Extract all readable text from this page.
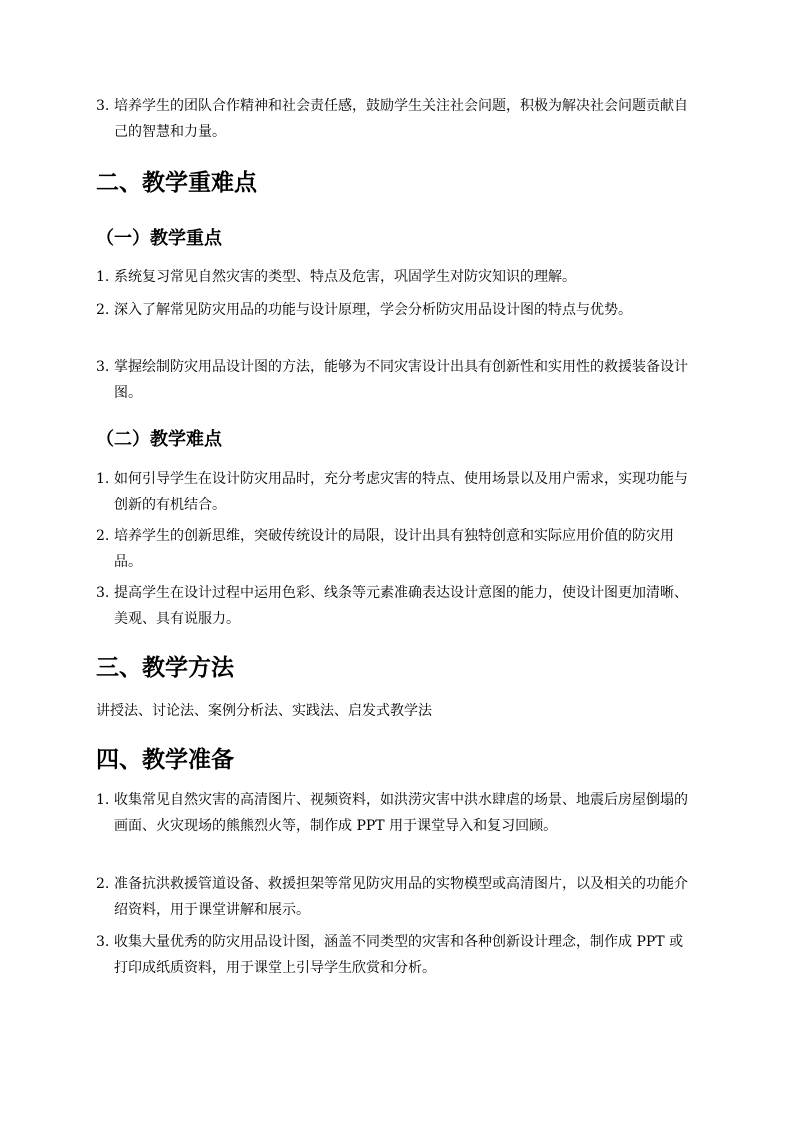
3. 培养学生的团队合作精神和社会责任感，鼓励学生关注社会问题，积极为解决社会问题贡献自己的智慧和力量。

二、教学重难点
（一）教学重点

1. 系统复习常见自然灾害的类型、特点及危害，巩固学生对防灾知识的理解。

2. 深入了解常见防灾用品的功能与设计原理，学会分析防灾用品设计图的特点与优势。

3. 掌握绘制防灾用品设计图的方法，能够为不同灾害设计出具有创新性和实用性的救援装备设计图。

（二）教学难点

1. 如何引导学生在设计防灾用品时，充分考虑灾害的特点、使用场景以及用户需求，实现功能与创新的有机结合。

2. 培养学生的创新思维，突破传统设计的局限，设计出具有独特创意和实际应用价值的防灾用品。

3. 提高学生在设计过程中运用色彩、线条等元素准确表达设计意图的能力，使设计图更加清晰、美观、具有说服力。

三、教学方法

讲授法、讨论法、案例分析法、实践法、启发式教学法

四、教学准备

1. 收集常见自然灾害的高清图片、视频资料，如洪涝灾害中洪水肆虐的场景、地震后房屋倒塌的画面、火灾现场的熊熊烈火等，制作成 PPT 用于课堂导入和复习回顾。

2. 准备抗洪救援管道设备、救援担架等常见防灾用品的实物模型或高清图片，以及相关的功能介绍资料，用于课堂讲解和展示。

3. 收集大量优秀的防灾用品设计图，涵盖不同类型的灾害和各种创新设计理念，制作成 PPT 或打印成纸质资料，用于课堂上引导学生欣赏和分析。
